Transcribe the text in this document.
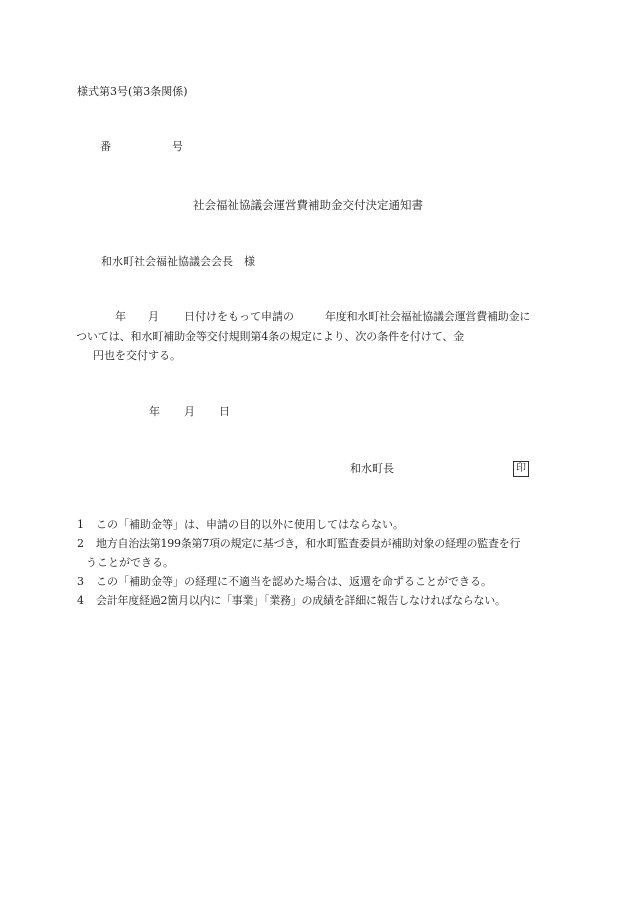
様式第3号(第3条関係)
番	号
社会福祉協議会運営費補助金交付決定通知書
和水町社会福祉協議会会長　様
年 月 日付けをもって申請の	年度和水町社会福祉協議会運営費補助金に
ついては、和水町補助金等交付規則第4条の規定により、次の条件を付けて、金
円也を交付する。
年 月 日
和水町長	印
1 この「補助金等」は、申請の目的以外に使用してはならない。
2 地方自治法第199条第7項の規定に基づき，和水町監査委員が補助対象の経理の監査を行
うことができる。
3 この「補助金等」の経理に不適当を認めた場合は、返還を命ずることができる。
4 会計年度経過2箇月以内に「事業」「業務」の成績を詳細に報告しなければならない。
